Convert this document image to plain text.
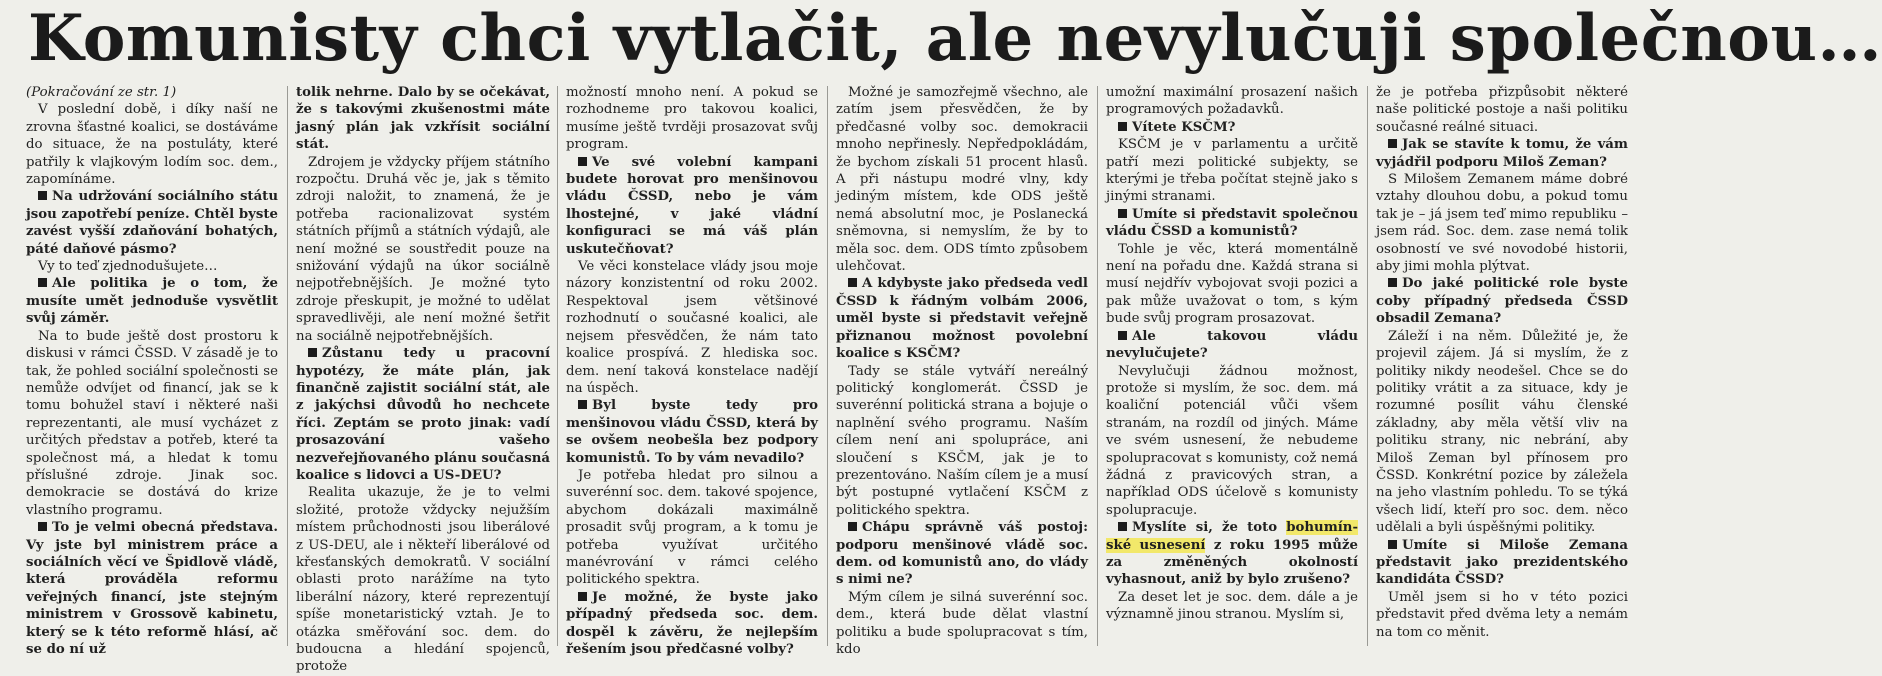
Komunisty chci vytlačit, ale nevylučuji společnou…

(Pokračování ze str. 1)

V poslední době, i díky naší ne zrovna šťastné koalici, se dostáváme do situace, že na postuláty, které patřily k vlajkovým lodím soc. dem., zapomínáme.

Na udržování sociálního státu jsou zapotřebí peníze. Chtěl byste zavést vyšší zdaňování bohatých, páté daňové pásmo?

Vy to teď zjednodušujete…

Ale politika je o tom, že musíte umět jednoduše vysvětlit svůj záměr.

Na to bude ještě dost prostoru k diskusi v rámci ČSSD. V zásadě je to tak, že pohled sociální společnosti se nemůže odvíjet od financí, jak se k tomu bohužel staví i některé naši reprezentanti, ale musí vycházet z určitých představ a potřeb, které ta společnost má, a hledat k tomu příslušné zdroje. Jinak soc. demokracie se dostává do krize vlastního programu.

To je velmi obecná představa. Vy jste byl ministrem práce a sociálních věcí ve Špidlově vládě, která prováděla reformu veřejných financí, jste stejným ministrem v Grossově kabinetu, který se k této reformě hlásí, ač se do ní už

tolik nehrne. Dalo by se očekávat, že s takovými zkušenostmi máte jasný plán jak vzkřísit sociální stát.

Zdrojem je vždycky příjem státního rozpočtu. Druhá věc je, jak s těmito zdroji naložit, to znamená, že je potřeba racionalizovat systém státních příjmů a státních výdajů, ale není možné se soustředit pouze na snižování výdajů na úkor sociálně nejpotřebnějších. Je možné tyto zdroje přeskupit, je možné to udělat spravedlivěji, ale není možné šetřit na sociálně nejpotřebnějších.

Zůstanu tedy u pracovní hypotézy, že máte plán, jak finančně zajistit sociální stát, ale z jakýchsi důvodů ho nechcete říci. Zeptám se proto jinak: vadí prosazování vašeho nezveřejňovaného plánu současná koalice s lidovci a US-DEU?

Realita ukazuje, že je to velmi složité, protože vždycky nejužším místem průchodnosti jsou liberálové z US-DEU, ale i někteří liberálové od křesťanských demokratů. V sociální oblasti proto narážíme na tyto liberální názory, které reprezentují spíše monetaristický vztah. Je to otázka směřování soc. dem. do budoucna a hledání spojenců, protože

možností mnoho není. A pokud se rozhodneme pro takovou koalici, musíme ještě tvrději prosazovat svůj program.

Ve své volební kampani budete horovat pro menšinovou vládu ČSSD, nebo je vám lhostejné, v jaké vládní konfiguraci se má váš plán uskutečňovat?

Ve věci konstelace vlády jsou moje názory konzistentní od roku 2002. Respektoval jsem většinové rozhodnutí o současné koalici, ale nejsem přesvědčen, že nám tato koalice prospívá. Z hlediska soc. dem. není taková konstelace nadějí na úspěch.

Byl byste tedy pro menšinovou vládu ČSSD, která by se ovšem neobešla bez podpory komunistů. To by vám nevadilo?

Je potřeba hledat pro silnou a suverénní soc. dem. takové spojence, abychom dokázali maximálně prosadit svůj program, a k tomu je potřeba využívat určitého manévrování v rámci celého politického spektra.

Je možné, že byste jako případný předseda soc. dem. dospěl k závěru, že nejlepším řešením jsou předčasné volby?

Možné je samozřejmě všechno, ale zatím jsem přesvědčen, že by předčasné volby soc. demokracii mnoho nepřinesly. Nepředpokládám, že bychom získali 51 procent hlasů. A při nástupu modré vlny, kdy jediným místem, kde ODS ještě nemá absolutní moc, je Poslanecká sněmovna, si nemyslím, že by to měla soc. dem. ODS tímto způsobem ulehčovat.

A kdybyste jako předseda vedl ČSSD k řádným volbám 2006, uměl byste si představit veřejně přiznanou možnost povolební koalice s KSČM?

Tady se stále vytváří nereálný politický konglomerát. ČSSD je suverénní politická strana a bojuje o naplnění svého programu. Naším cílem není ani spolupráce, ani sloučení s KSČM, jak je to prezentováno. Naším cílem je a musí být postupné vytlačení KSČM z politického spektra.

Chápu správně váš postoj: podporu menšinové vládě soc. dem. od komunistů ano, do vlády s nimi ne?

Mým cílem je silná suverénní soc. dem., která bude dělat vlastní politiku a bude spolupracovat s tím, kdo

umožní maximální prosazení našich programových požadavků.

Vítete KSČM?

KSČM je v parlamentu a určitě patří mezi politické subjekty, se kterými je třeba počítat stejně jako s jinými stranami.

Umíte si představit společnou vládu ČSSD a komunistů?

Tohle je věc, která momentálně není na pořadu dne. Každá strana si musí nejdřív vybojovat svoji pozici a pak může uvažovat o tom, s kým bude svůj program prosazovat.

Ale takovou vládu nevylučujete?

Nevylučuji žádnou možnost, protože si myslím, že soc. dem. má koaliční potenciál vůči všem stranám, na rozdíl od jiných. Máme ve svém usnesení, že nebudeme spolupracovat s komunisty, což nemá žádná z pravicových stran, a například ODS účelově s komunisty spolupracuje.

Myslíte si, že toto bohumín-ské usnesení z roku 1995 může za změněných okolností vyhasnout, aniž by bylo zrušeno?

Za deset let je soc. dem. dále a je významně jinou stranou. Myslím si,

že je potřeba přizpůsobit některé naše politické postoje a naši politiku současné reálné situaci.

Jak se stavíte k tomu, že vám vyjádřil podporu Miloš Zeman?

S Milošem Zemanem máme dobré vztahy dlouhou dobu, a pokud tomu tak je – já jsem teď mimo republiku – jsem rád. Soc. dem. zase nemá tolik osobností ve své novodobé historii, aby jimi mohla plýtvat.

Do jaké politické role byste coby případný předseda ČSSD obsadil Zemana?

Záleží i na něm. Důležité je, že projevil zájem. Já si myslím, že z politiky nikdy neodešel. Chce se do politiky vrátit a za situace, kdy je rozumné posílit váhu členské základny, aby měla větší vliv na politiku strany, nic nebrání, aby Miloš Zeman byl přínosem pro ČSSD. Konkrétní pozice by záležela na jeho vlastním pohledu. To se týká všech lidí, kteří pro soc. dem. něco udělali a byli úspěšnými politiky.

Umíte si Miloše Zemana představit jako prezidentského kandidáta ČSSD?

Uměl jsem si ho v této pozici představit před dvěma lety a nemám na tom co měnit.
